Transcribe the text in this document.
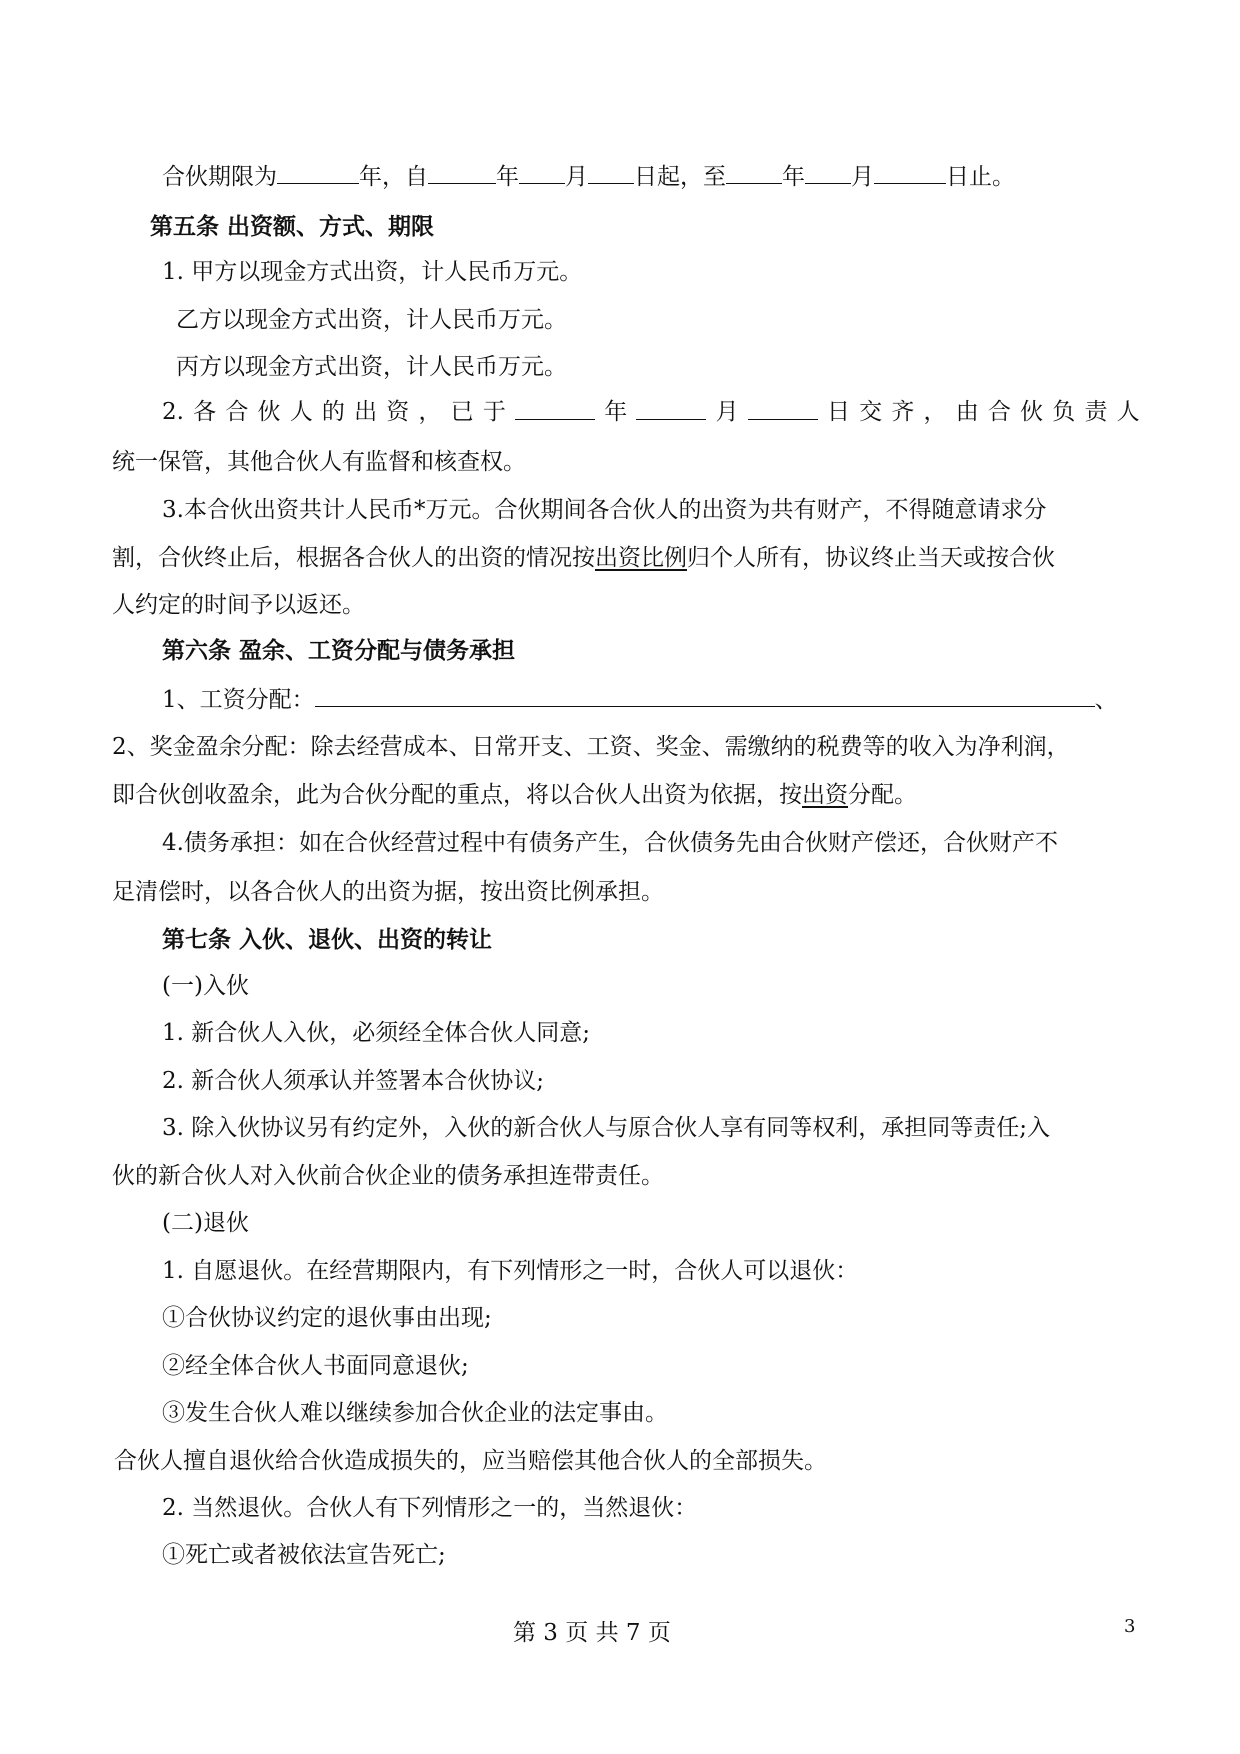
合伙期限为	年，自	年 月 日起，至 年 月	日止。
第五条 出资额、方式、期限
1. 甲方以现金方式出资，计人民币万元。
乙方以现金方式出资，计人民币万元。
丙方以现金方式出资，计人民币万元。
2. 各 合 伙 人 的 出 资 ， 已 于	年	月	日 交 齐 ， 由 合 伙 负 责 人
统一保管，其他合伙人有监督和核查权。
3.本合伙出资共计人民币*万元。合伙期间各合伙人的出资为共有财产，不得随意请求分
割，合伙终止后，根据各合伙人的出资的情况按出资比例归个人所有，协议终止当天或按合伙
人约定的时间予以返还。
第六条 盈余、工资分配与债务承担
1、工资分配：	、
2、奖金盈余分配：除去经营成本、日常开支、工资、奖金、需缴纳的税费等的收入为净利润，
即合伙创收盈余，此为合伙分配的重点，将以合伙人出资为依据，按出资分配。
4.债务承担：如在合伙经营过程中有债务产生，合伙债务先由合伙财产偿还，合伙财产不
足清偿时，以各合伙人的出资为据，按出资比例承担。
第七条 入伙、退伙、出资的转让
(一)入伙
1. 新合伙人入伙，必须经全体合伙人同意;
2. 新合伙人须承认并签署本合伙协议;
3. 除入伙协议另有约定外，入伙的新合伙人与原合伙人享有同等权利，承担同等责任;入
伙的新合伙人对入伙前合伙企业的债务承担连带责任。
(二)退伙
1. 自愿退伙。在经营期限内，有下列情形之一时，合伙人可以退伙：
①合伙协议约定的退伙事由出现;
②经全体合伙人书面同意退伙;
③发生合伙人难以继续参加合伙企业的法定事由。
合伙人擅自退伙给合伙造成损失的，应当赔偿其他合伙人的全部损失。
2. 当然退伙。合伙人有下列情形之一的，当然退伙：
①死亡或者被依法宣告死亡;
第 3 页 共 7 页	3
